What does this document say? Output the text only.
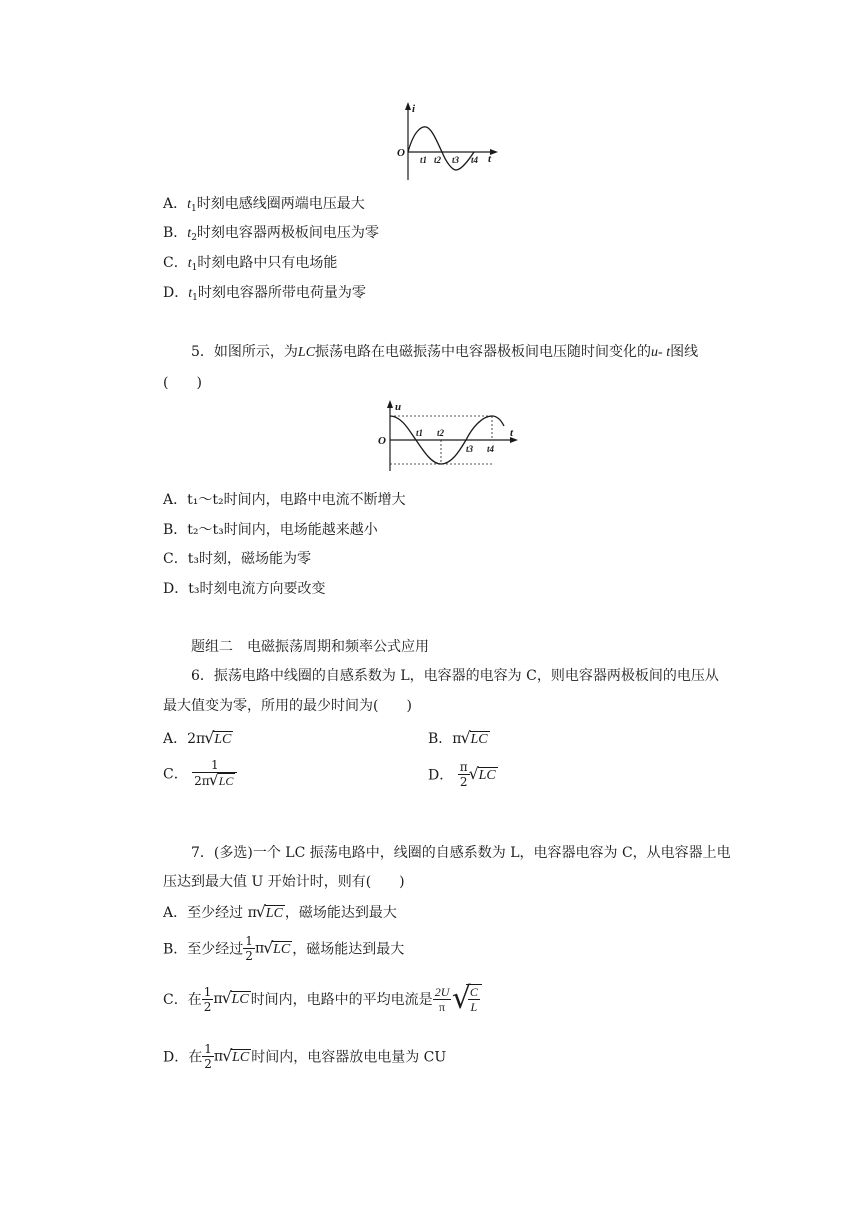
i
O	t
t1 t2 t3 t4
A．$t_1$时刻电感线圈两端电压最大
B．$t_2$时刻电容器两极板间电压为零
C．$t_1$时刻电路中只有电场能
D．$t_1$时刻电容器所带电荷量为零
5．如图所示，为LC振荡电路在电磁振荡中电容器极板间电压随时间变化的u- t图线
(　　)
u
O
t
t1 t2
t3 t4
A．t₁～t₂时间内，电路中电流不断增大
B．t₂～t₃时间内，电场能越来越小
C．t₃时刻，磁场能为零
D．t₃时刻电流方向要改变
题组二　电磁振荡周期和频率公式应用
6．振荡电路中线圈的自感系数为 L，电容器的电容为 C，则电容器两极板间的电压从
最大值变为零，所用的最少时间为(　　)
A．2π√ LC	B．π√ LC
C． $\frac{1}{2\pi√ LC}$	D． $\frac{\pi}{2}$
√ LC
7．(多选)一个 LC 振荡电路中，线圈的自感系数为 L，电容器电容为 C，从电容器上电
压达到最大值 U 开始计时，则有(　　)
A．至少经过 π√ LC ，磁场能达到最大
B．至少经过 $\frac{1}{2} \pi√$ LC ，磁场能达到最大
C．在 $\frac{1}{2} \pi√$ LC 时间内，电路中的平均电流是 $\frac{2U}{\pi}$
√
$\frac{C}{L}$
D．在 $\frac{1}{2} \pi√$ LC 时间内，电容器放电电量为 CU
